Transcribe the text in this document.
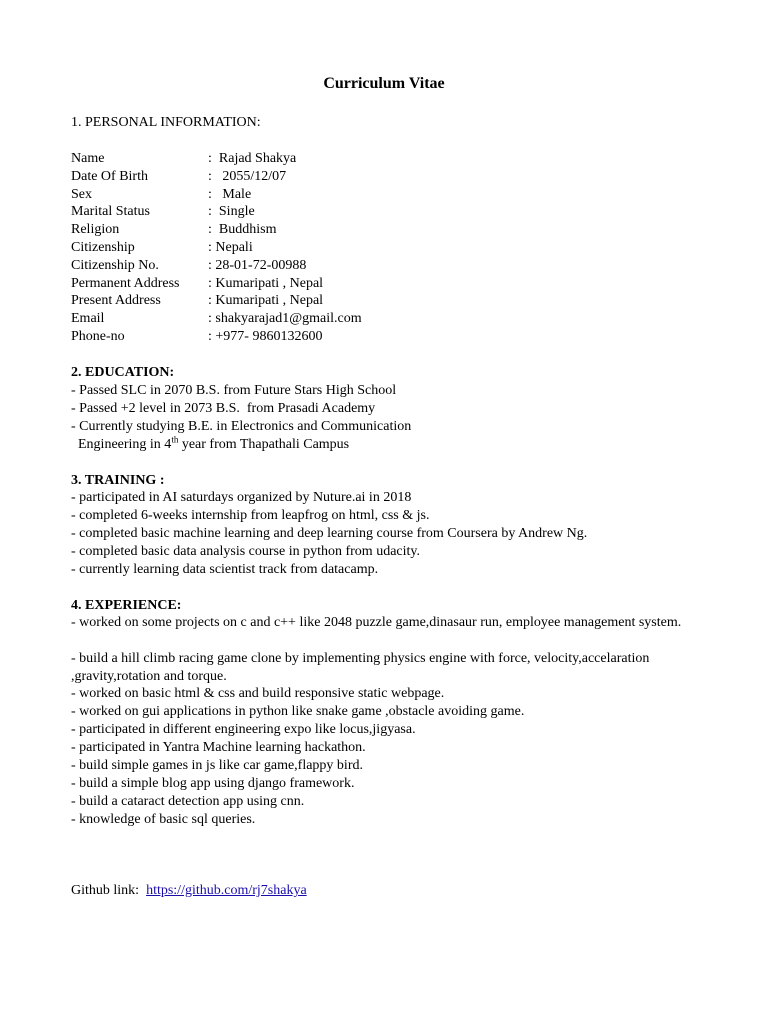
Curriculum Vitae
1. PERSONAL INFORMATION:
Name	:  Rajad Shakya
Date Of Birth	:   2055/12/07
Sex	:   Male
Marital Status	:  Single
Religion	:  Buddhism
Citizenship	: Nepali
Citizenship No.	: 28-01-72-00988
Permanent Address : Kumaripati , Nepal
Present Address	: Kumaripati , Nepal
Email	: shakyarajad1@gmail.com
Phone-no	: +977- 9860132600
2. EDUCATION:
- Passed SLC in 2070 B.S. from Future Stars High School
- Passed +2 level in 2073 B.S.  from Prasadi Academy
- Currently studying B.E. in Electronics and Communication
Engineering in 4th year from Thapathali Campus
3. TRAINING :
- participated in AI saturdays organized by Nuture.ai in 2018
- completed 6-weeks internship from leapfrog on html, css & js.
- completed basic machine learning and deep learning course from Coursera by Andrew Ng.
- completed basic data analysis course in python from udacity.
- currently learning data scientist track from datacamp.
4. EXPERIENCE:
- worked on some projects on c and c++ like 2048 puzzle game,dinasaur run, employee management system.
- build a hill climb racing game clone by implementing physics engine with force, velocity,accelaration ,gravity,rotation and torque.
- worked on basic html & css and build responsive static webpage.
- worked on gui applications in python like snake game ,obstacle avoiding game.
- participated in different engineering expo like locus,jigyasa.
- participated in Yantra Machine learning hackathon.
- build simple games in js like car game,flappy bird.
- build a simple blog app using django framework.
- build a cataract detection app using cnn.
- knowledge of basic sql queries.
Github link:  https://github.com/rj7shakya
